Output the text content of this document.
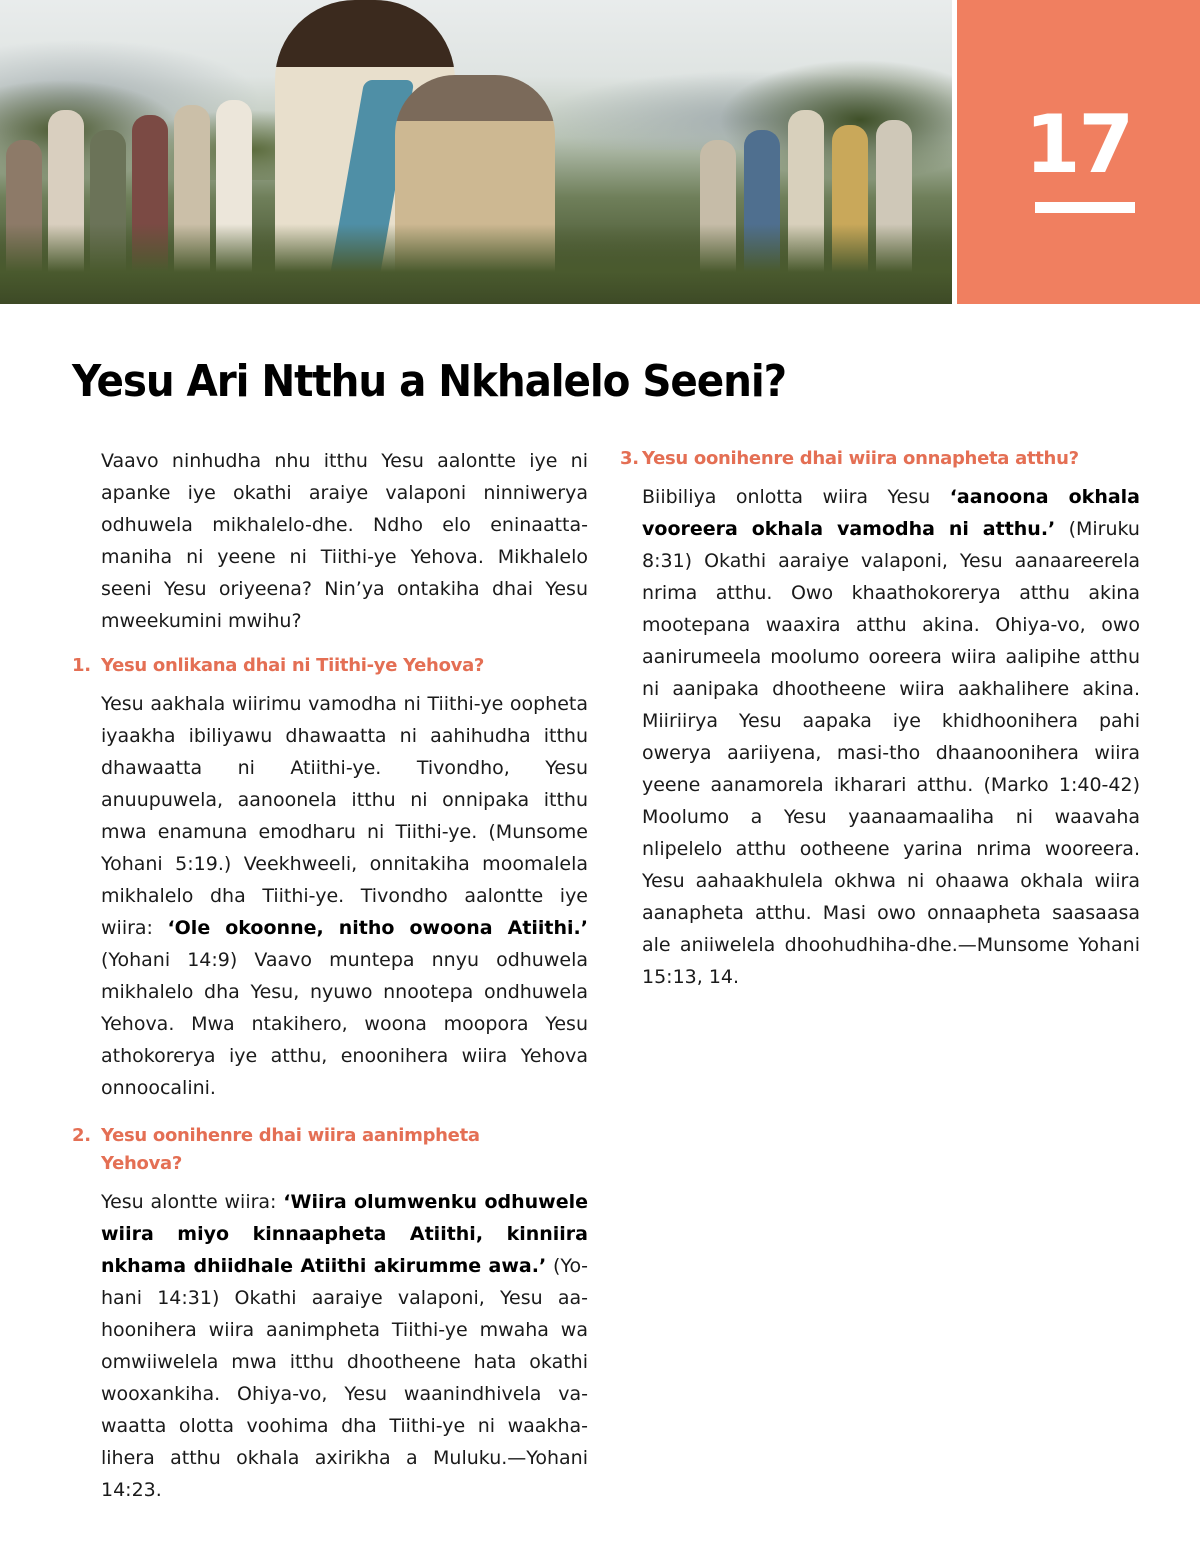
17
Yesu Ari Ntthu a Nkhalelo Seeni?

Vaavo ninhudha nhu itthu Yesu aalontte iye ni apanke iye okathi araiye valaponi ninniwerya odhuwela mikhalelo-dhe. Ndho elo eninaattamaniha ni yeene ni Tiithi-ye Yehova. Mikhalelo seeni Yesu oriyeena? Nin’ya ontakiha dhai Yesu mweekumini mwihu?

1. Yesu onlikana dhai ni Tiithi-ye Yehova?

Yesu aakhala wiirimu vamodha ni Tiithi-ye oopheta iyaakha ibiliyawu dhawaatta ni aahihudha itthu dhawaatta ni Atiithi-ye. Tivondho, Yesu anuupuwela, aanoonela itthu ni onnipaka itthu mwa enamuna emodharu ni Tiithi-ye. (Munsome Yohani 5:19.) Veekhweeli, onnitakiha moomalela mikhalelo dha Tiithi-ye. Tivondho aalontte iye wiira: ‘Ole okoonne, nitho owoona Atiithi.’ (Yohani 14:9) Vaavo muntepa nnyu odhuwela mikhalelo dha Yesu, nyuwo nnootepa ondhuwela Yehova. Mwa ntakihero, woona moopora Yesu athokorerya iye atthu, enoonihera wiira Yehova onnoocalini.

2. Yesu oonihenre dhai wiira aanimpheta Yehova?

Yesu alontte wiira: ‘Wiira olumwenku odhuwele wiira miyo kinnaapheta Atiithi, kinniira nkhama dhiidhale Atiithi akirumme awa.’ (Yohani 14:31) Okathi aaraiye valaponi, Yesu aahoonihera wiira aanimpheta Tiithi-ye mwaha wa omwiiwelela mwa itthu dhootheene hata okathi wooxankiha. Ohiya-vo, Yesu waanindhivela vawaatta olotta voohima dha Tiithi-ye ni waakhalihera atthu okhala axirikha a Muluku.—Yohani 14:23.

3. Yesu oonihenre dhai wiira onnapheta atthu?

Biibiliya onlotta wiira Yesu ‘aanoona okhala vooreera okhala vamodha ni atthu.’ (Miruku 8:31) Okathi aaraiye valaponi, Yesu aanaareerela nrima atthu. Owo khaathokorerya atthu akina mootepana waaxira atthu akina. Ohiya-vo, owo aanirumeela moolumo ooreera wiira aalipihe atthu ni aanipaka dhootheene wiira aakhalihere akina. Miiriirya Yesu aapaka iye khidhoonihera pahi owerya aariiyena, masi-tho dhaanoonihera wiira yeene aanamorela ikharari atthu. (Marko 1:40-42) Moolumo a Yesu yaanaamaaliha ni waavaha nlipelelo atthu ootheene yarina nrima wooreera. Yesu aahaakhulela okhwa ni ohaawa okhala wiira aanapheta atthu. Masi owo onnaapheta saasaasa ale aniiwelela dhoohudhiha-dhe.—Munsome Yohani 15:13, 14.
